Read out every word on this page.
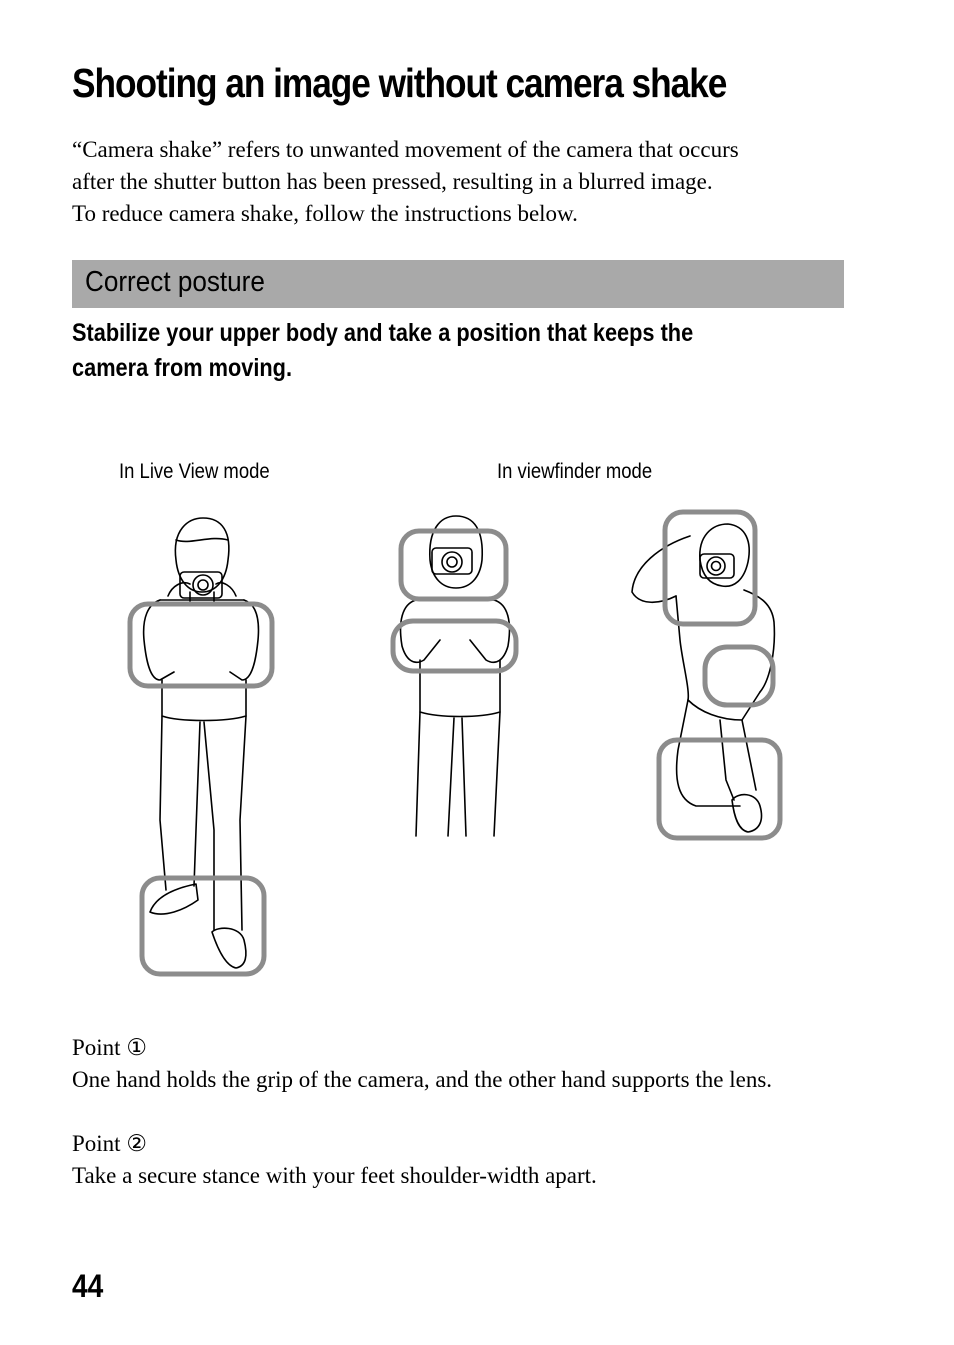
Shooting an image without camera shake
“Camera shake” refers to unwanted movement of the camera that occurs
after the shutter button has been pressed, resulting in a blurred image.
To reduce camera shake, follow the instructions below.
Correct posture
Stabilize your upper body and take a position that keeps the
camera from moving.
In Live View mode	In viewfinder mode
Point ①
One hand holds the grip of the camera, and the other hand supports the lens.
Point ②
Take a secure stance with your feet shoulder-width apart.
44
